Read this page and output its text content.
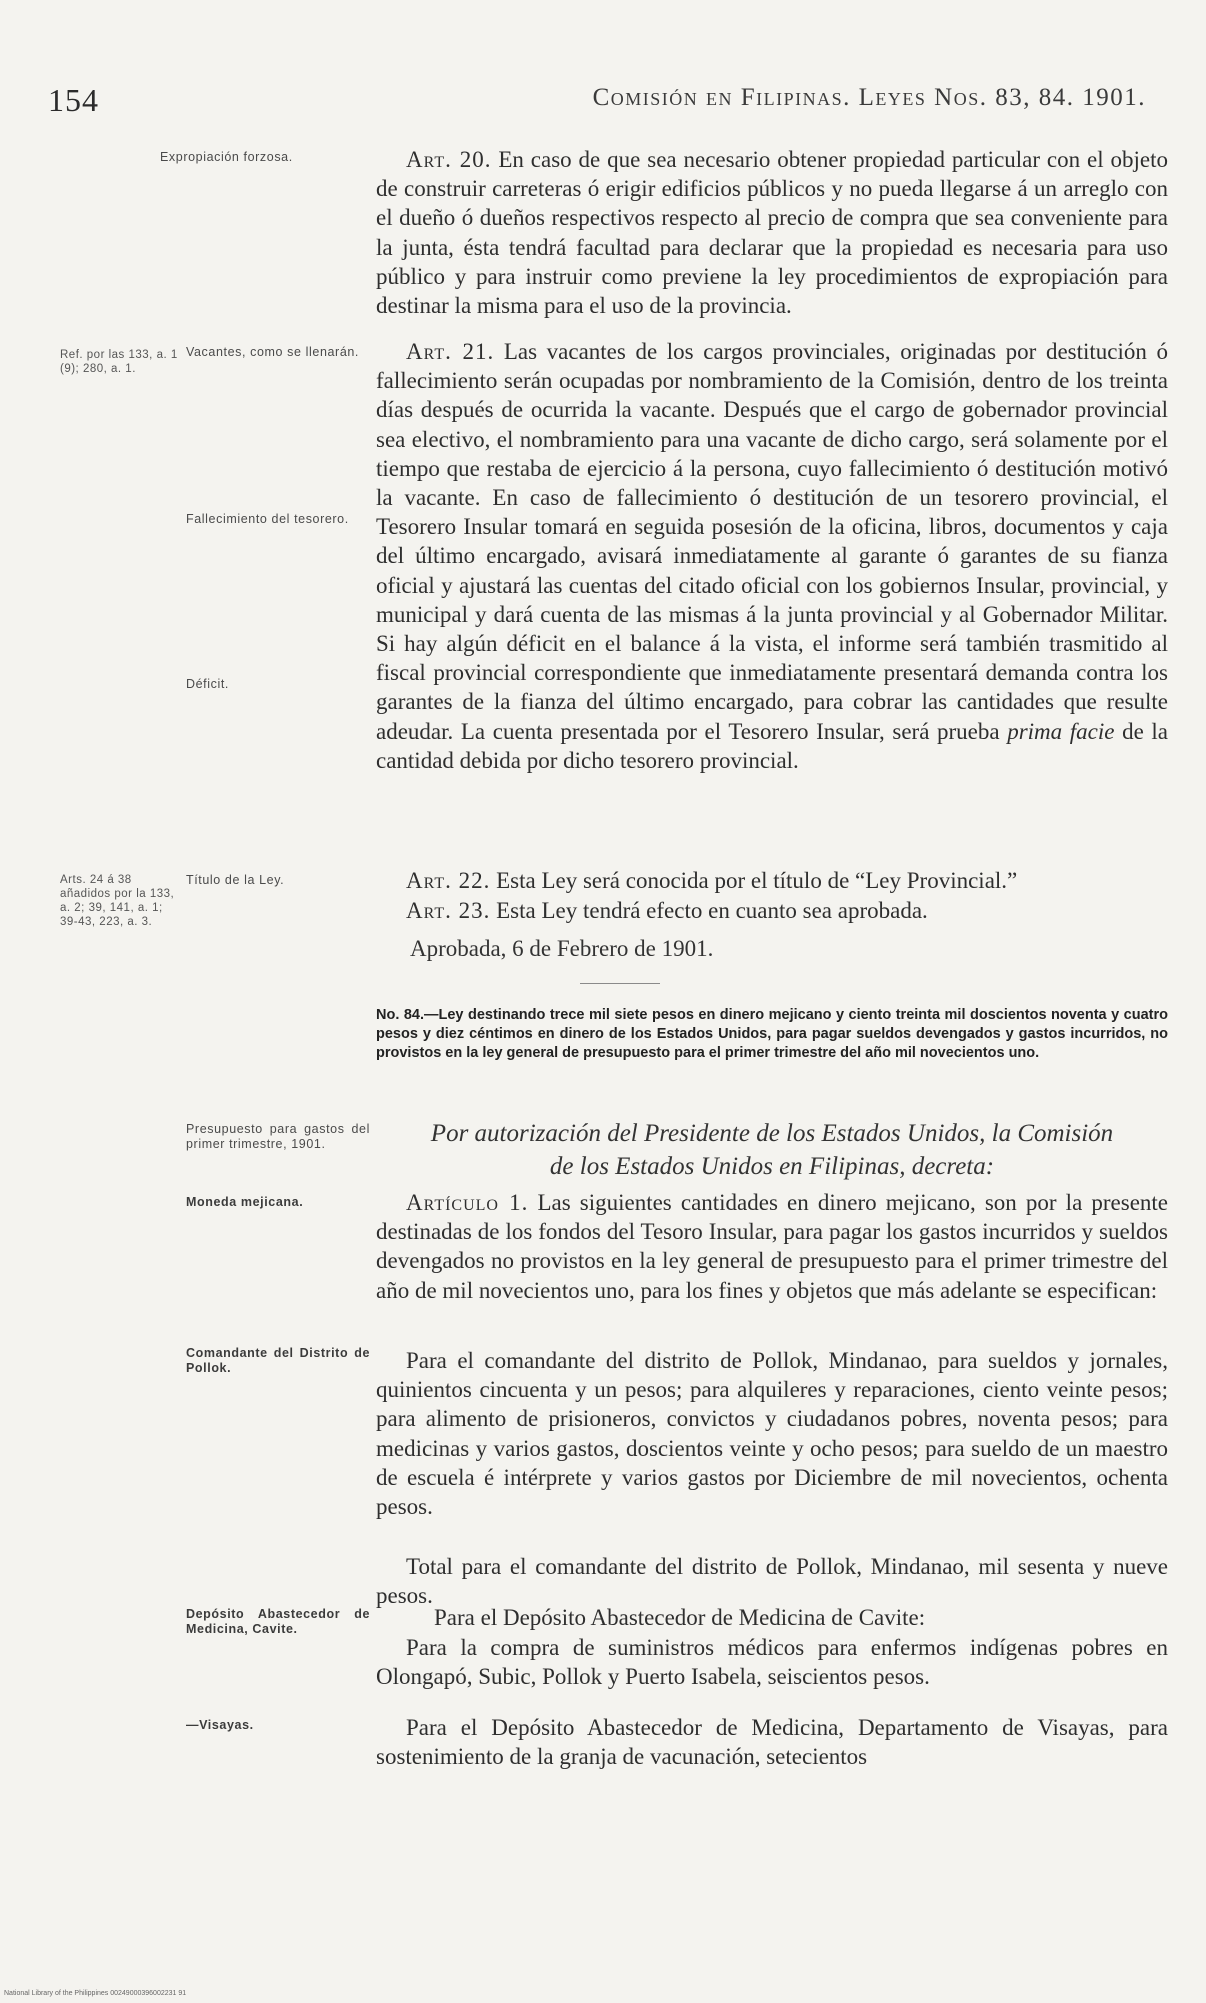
154	Comisión en Filipinas. Leyes Nos. 83, 84. 1901.
Expropiación forzosa.	Art. 20. En caso de que sea necesario obtener propiedad particular con el objeto de construir carreteras ó erigir edificios públicos y no pueda llegarse á un arreglo con el dueño ó dueños respectivos respecto al precio de compra que sea conveniente para la junta, ésta tendrá facultad para declarar que la propiedad es necesaria para uso público y para instruir como previene la ley procedimientos de expropiación para destinar la misma para el uso de la provincia.
Ref. por las 133, a. 1 (9); 280, a. 1.
Vacantes, como se llenarán.
Fallecimiento del tesorero.
Déficit.
Art. 21. Las vacantes de los cargos provinciales, originadas por destitución ó fallecimiento serán ocupadas por nombramiento de la Comisión, dentro de los treinta días después de ocurrida la vacante. Después que el cargo de gobernador provincial sea electivo, el nombramiento para una vacante de dicho cargo, será solamente por el tiempo que restaba de ejercicio á la persona, cuyo fallecimiento ó destitución motivó la vacante. En caso de fallecimiento ó destitución de un tesorero provincial, el Tesorero Insular tomará en seguida posesión de la oficina, libros, documentos y caja del último encargado, avisará inmediatamente al garante ó garantes de su fianza oficial y ajustará las cuentas del citado oficial con los gobiernos Insular, provincial, y municipal y dará cuenta de las mismas á la junta provincial y al Gobernador Militar. Si hay algún déficit en el balance á la vista, el informe será también trasmitido al fiscal provincial correspondiente que inmediatamente presentará demanda contra los garantes de la fianza del último encargado, para cobrar las cantidades que resulte adeudar. La cuenta presentada por el Tesorero Insular, será prueba prima facie de la cantidad debida por dicho tesorero provincial.
Arts. 24 á 38 añadidos por la 133, a. 2; 39, 141, a. 1; 39-43, 223, a. 3.
Título de la Ley.	Art. 22. Esta Ley será conocida por el título de “Ley Provincial.”
Art. 23. Esta Ley tendrá efecto en cuanto sea aprobada.
Aprobada, 6 de Febrero de 1901.
No. 84.—Ley destinando trece mil siete pesos en dinero mejicano y ciento treinta mil doscientos noventa y cuatro pesos y diez céntimos en dinero de los Estados Unidos, para pagar sueldos devengados y gastos incurridos, no provistos en la ley general de presupuesto para el primer trimestre del año mil novecientos uno.
Presupuesto para gastos del primer trimestre, 1901.	Por autorización del Presidente de los Estados Unidos, la Comisión
de los Estados Unidos en Filipinas, decreta:
Moneda mejicana.	Artículo 1. Las siguientes cantidades en dinero mejicano, son por la presente destinadas de los fondos del Tesoro Insular, para pagar los gastos incurridos y sueldos devengados no provistos en la ley general de presupuesto para el primer trimestre del año de mil novecientos uno, para los fines y objetos que más adelante se especifican:
Comandante del Distrito de Pollok.	Para el comandante del distrito de Pollok, Mindanao, para sueldos y jornales, quinientos cincuenta y un pesos; para alquileres y reparaciones, ciento veinte pesos; para alimento de prisioneros, convictos y ciudadanos pobres, noventa pesos; para medicinas y varios gastos, doscientos veinte y ocho pesos; para sueldo de un maestro de escuela é intérprete y varios gastos por Diciembre de mil novecientos, ochenta pesos.
Total para el comandante del distrito de Pollok, Mindanao, mil sesenta y nueve pesos.
Depósito Abastecedor de Medicina, Cavite.	Para el Depósito Abastecedor de Medicina de Cavite:
Para la compra de suministros médicos para enfermos indígenas pobres en Olongapó, Subic, Pollok y Puerto Isabela, seiscientos pesos.
—Visayas.	Para el Depósito Abastecedor de Medicina, Departamento de Visayas, para sostenimiento de la granja de vacunación, setecientos
National Library of the Philippines 00249000396002231 91
